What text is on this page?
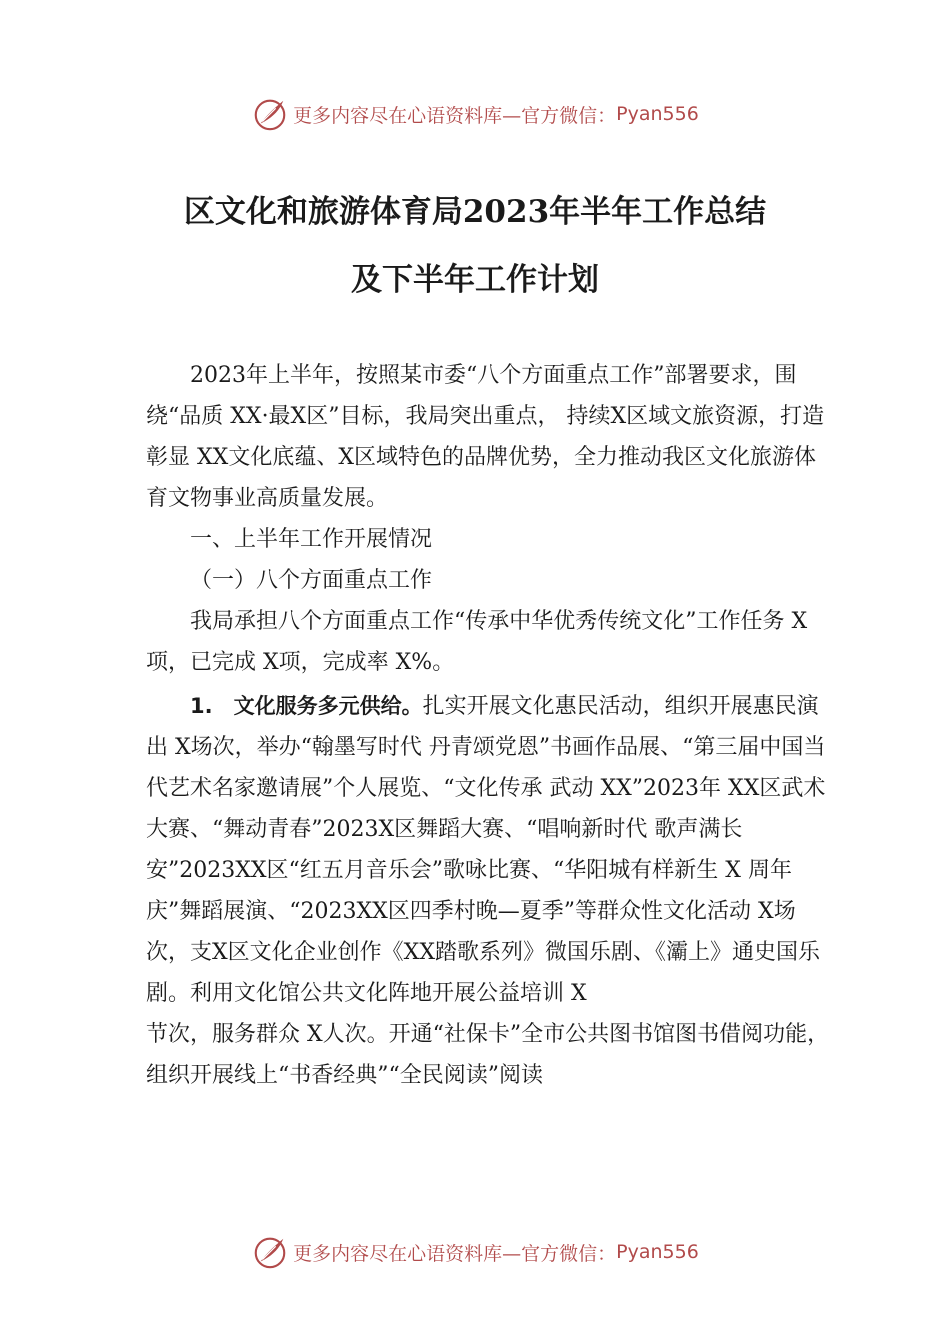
更多内容尽在心语资料库—官方微信： Pyan556
区文化和旅游体育局2023年半年工作总结
及下半年工作计划

2023年上半年，按照某市委“八个方面重点工作”部署要求，围绕“品质 XX·最Ⅹ区”目标，我局突出重点， 持续Ⅹ区域文旅资源，打造彰显 XX文化底蕴、Ⅹ区域特色的品牌优势，全力推动我区文化旅游体育文物事业高质量发展。

一、上半年工作开展情况

（一）八个方面重点工作

我局承担八个方面重点工作“传承中华优秀传统文化”工作任务 X项，已完成 X项，完成率 X%。

1.　文化服务多元供给。扎实开展文化惠民活动，组织开展惠民演出 X场次，举办“翰墨写时代 丹青颂党恩”书画作品展、“第三届中国当代艺术名家邀请展”个人展览、“文化传承 武动 XX”2023年 XX区武术大赛、“舞动青春”2023X区舞蹈大赛、“唱响新时代 歌声满长安”2023XX区“红五月音乐会”歌咏比赛、“华阳城有样新生 X 周年庆”舞蹈展演、“2023XX区四季村晚—夏季”等群众性文化活动 X场次，支Ⅹ区文化企业创作《XX踏歌系列》微国乐剧、《灞上》通史国乐剧。利用文化馆公共文化阵地开展公益培训 X

节次，服务群众 X人次。开通“社保卡”全市公共图书馆图书借阅功能，组织开展线上“书香经典”“全民阅读”阅读

更多内容尽在心语资料库—官方微信： Pyan556
